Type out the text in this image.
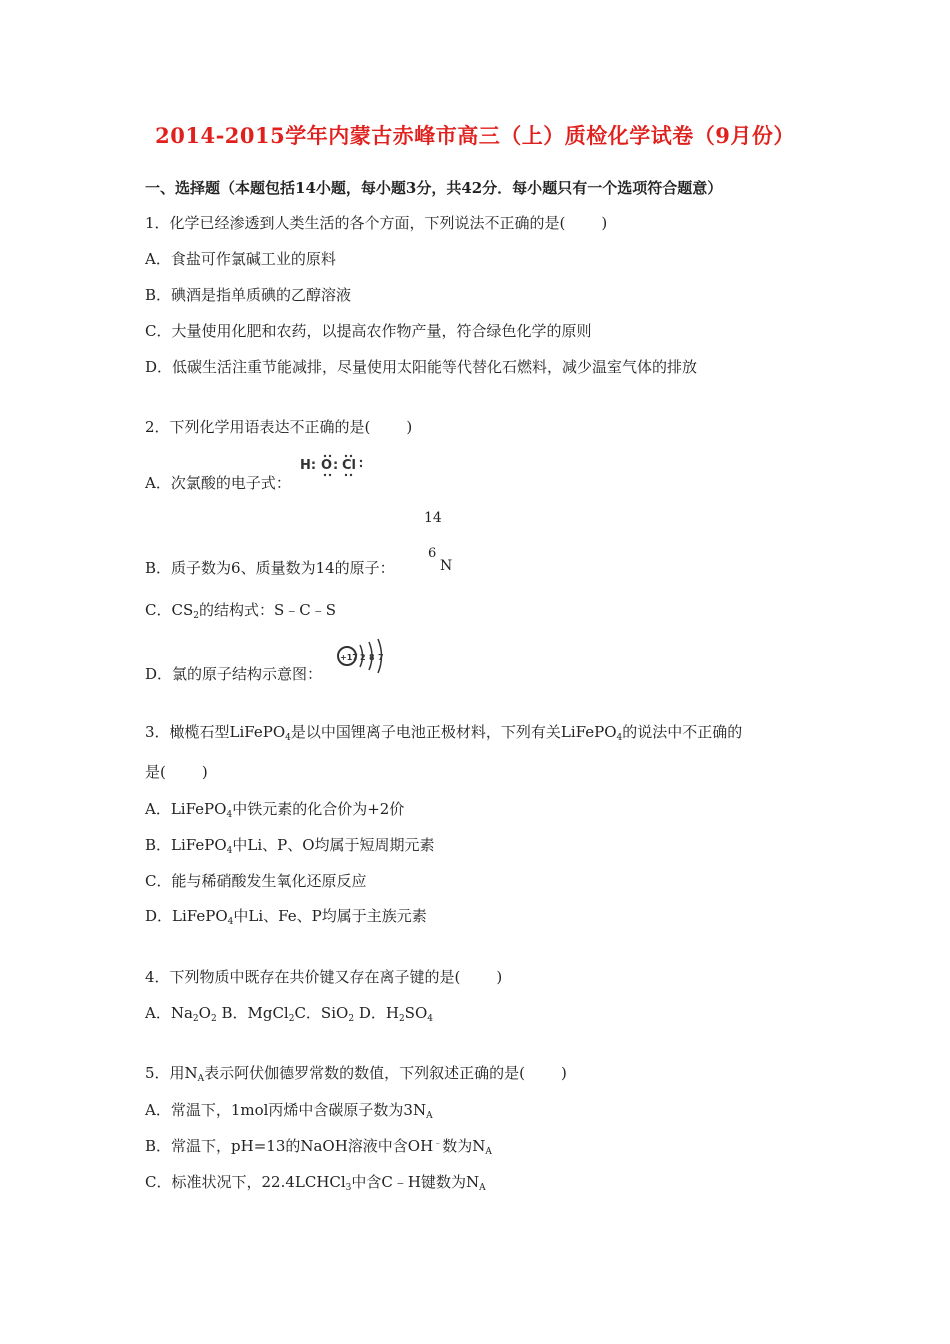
2014-2015学年内蒙古赤峰市高三（上）质检化学试卷（9月份）
一、选择题（本题包括14小题，每小题3分，共42分．每小题只有一个选项符合题意）
1．化学已经渗透到人类生活的各个方面，下列说法不正确的是( )
A．食盐可作氯碱工业的原料
B．碘酒是指单质碘的乙醇溶液
C．大量使用化肥和农药，以提高农作物产量，符合绿色化学的原则
D．低碳生活注重节能减排，尽量使用太阳能等代替化石燃料，减少温室气体的排放
2．下列化学用语表达不正确的是( )
A．次氯酸的电子式：
H: O : Cl
14
B．质子数为6、质量数为14的原子：
6
N
C．$CS_2$的结构式：S﹣C﹣S
D．氯的原子结构示意图：
+17 2 8 7
3．橄榄石型LiFePO$_4$是以中国锂离子电池正极材料，下列有关LiFePO$_4$的说法中不正确的
是( )
A．LiFePO$_4$中铁元素的化合价为+2价
B．LiFePO$_4$中Li、P、O均属于短周期元素
C．能与稀硝酸发生氧化还原反应
D．LiFePO$_4$中Li、Fe、P均属于主族元素
4．下列物质中既存在共价键又存在离子键的是( )
A．$Na_2O_2$ B．MgCl$_2$C．SiO$_2$ D．$H_2SO_4$
5．用$N_A$表示阿伏伽德罗常数的数值，下列叙述正确的是( )
A．常温下，1mol丙烯中含碳原子数为$3N_A$
B．常温下，pH=13的NaOH溶液中含OH﹣数为$N_A$
C．标准状况下，22.4LCHCl$_3$中含C﹣H键数为$N_A$
